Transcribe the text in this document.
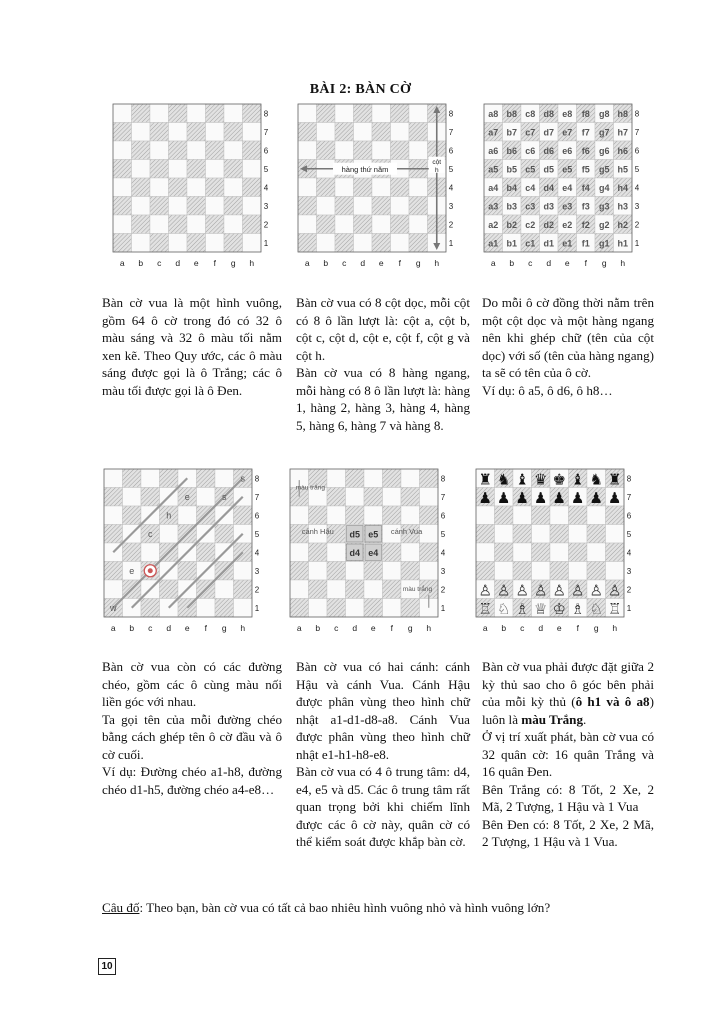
BÀI 2: BÀN CỜ
8
7
6
5
4
3
2
1
a b c d e f g h
8
7
6
5
4
3
2
1
a b c d e f g h
hàng thứ năm
cột h
8
7
6
5
4
3
2
1
a b c d e f g h
a8 b8 c8 d8 e8 f8 g8 h8
a7 b7 c7 d7 e7 f7 g7 h7
a6 b6 c6 d6 e6 f6 g6 h6
a5 b5 c5 d5 e5 f5 g5 h5
a4 b4 c4 d4 e4 f4 g4 h4
a3 b3 c3 d3 e3 f3 g3 h3
a2 b2 c2 d2 e2 f2 g2 h2
a1 b1 c1 d1 e1 f1 g1 h1
8
7
6
5
4
3
2
1
a b c d e f g h
w
e
c
h
e	s
s	8
7
6
5
4
3
2
1
a b c d e f g h
d5 e5
d4 e4
màu trắng
cánh Hậu	cánh Vua
màu trắng
8
7
6
5
4
3
2
1
a b c d e f g h
♜
♟
♙
♖
♞
♟
♙
♘
♝
♟
♙
♗
♛
♟
♙
♕
♚
♟
♙
♔
♝
♟
♙
♗
♞
♟
♙
♘
♜
♟
♙
♖

Bàn cờ vua là một hình vuông, gồm 64 ô cờ trong đó có 32 ô màu sáng và 32 ô màu tối nằm xen kẽ. Theo Quy ước, các ô màu sáng được gọi là ô Trắng; các ô màu tối được gọi là ô Đen.

Bàn cờ vua có 8 cột dọc, mỗi cột có 8 ô lần lượt là: cột a, cột b, cột c, cột d, cột e, cột f, cột g và cột h.

Bàn cờ vua có 8 hàng ngang, mỗi hàng có 8 ô lần lượt là: hàng 1, hàng 2, hàng 3, hàng 4, hàng 5, hàng 6, hàng 7 và hàng 8.

Do mỗi ô cờ đồng thời nằm trên một cột dọc và một hàng ngang nên khi ghép chữ (tên của cột dọc) với số (tên của hàng ngang) ta sẽ có tên của ô cờ.

Ví dụ: ô a5, ô d6, ô h8…

Bàn cờ vua còn có các đường chéo, gồm các ô cùng màu nối liền góc với nhau.

Ta gọi tên của mỗi đường chéo bằng cách ghép tên ô cờ đầu và ô cờ cuối.

Ví dụ: Đường chéo a1-h8, đường chéo d1-h5, đường chéo a4-e8…

Bàn cờ vua có hai cánh: cánh Hậu và cánh Vua. Cánh Hậu được phân vùng theo hình chữ nhật a1-d1-d8-a8. Cánh Vua được phân vùng theo hình chữ nhật e1-h1-h8-e8.

Bàn cờ vua có 4 ô trung tâm: d4, e4, e5 và d5. Các ô trung tâm rất quan trọng bởi khi chiếm lĩnh được các ô cờ này, quân cờ có thể kiểm soát được khắp bàn cờ.

Bàn cờ vua phải được đặt giữa 2 kỳ thủ sao cho ô góc bên phải của mỗi kỳ thủ (ô h1 và ô a8) luôn là màu Trắng.

Ở vị trí xuất phát, bàn cờ vua có 32 quân cờ: 16 quân Trắng và 16 quân Đen.

Bên Trắng có: 8 Tốt, 2 Xe, 2 Mã, 2 Tượng, 1 Hậu và 1 Vua

Bên Đen có: 8 Tốt, 2 Xe, 2 Mã, 2 Tượng, 1 Hậu và 1 Vua.

Câu đố: Theo bạn, bàn cờ vua có tất cả bao nhiêu hình vuông nhỏ và hình vuông lớn?
10
